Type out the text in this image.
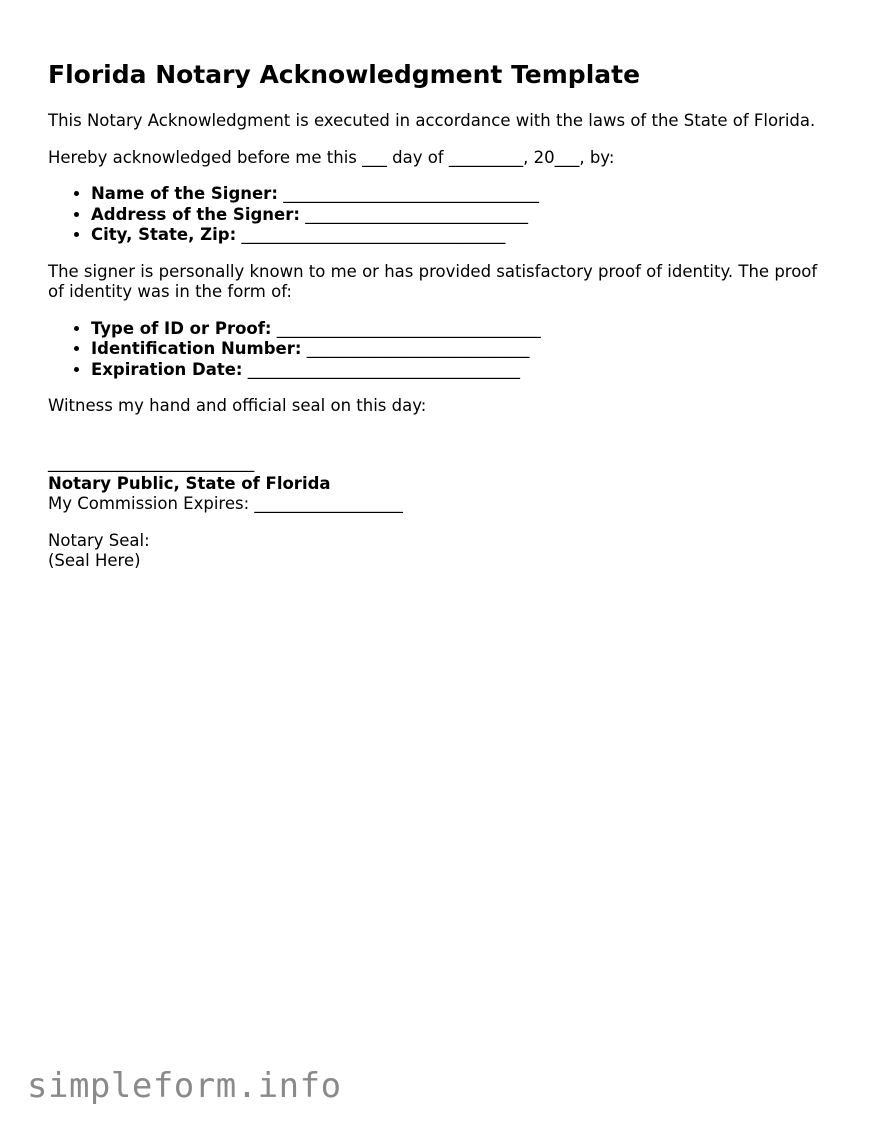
Florida Notary Acknowledgment Template

This Notary Acknowledgment is executed in accordance with the laws of the State of Florida.

Hereby acknowledged before me this ___ day of _________, 20___, by:

• Name of the Signer: _______________________________
• Address of the Signer: ___________________________
• City, State, Zip: ________________________________

The signer is personally known to me or has provided satisfactory proof of identity. The proof of identity was in the form of:

• Type of ID or Proof: ________________________________
• Identification Number: ___________________________
• Expiration Date: _________________________________

Witness my hand and official seal on this day:

_________________________
Notary Public, State of Florida
My Commission Expires: __________________
Notary Seal:
(Seal Here)
simpleform.info
